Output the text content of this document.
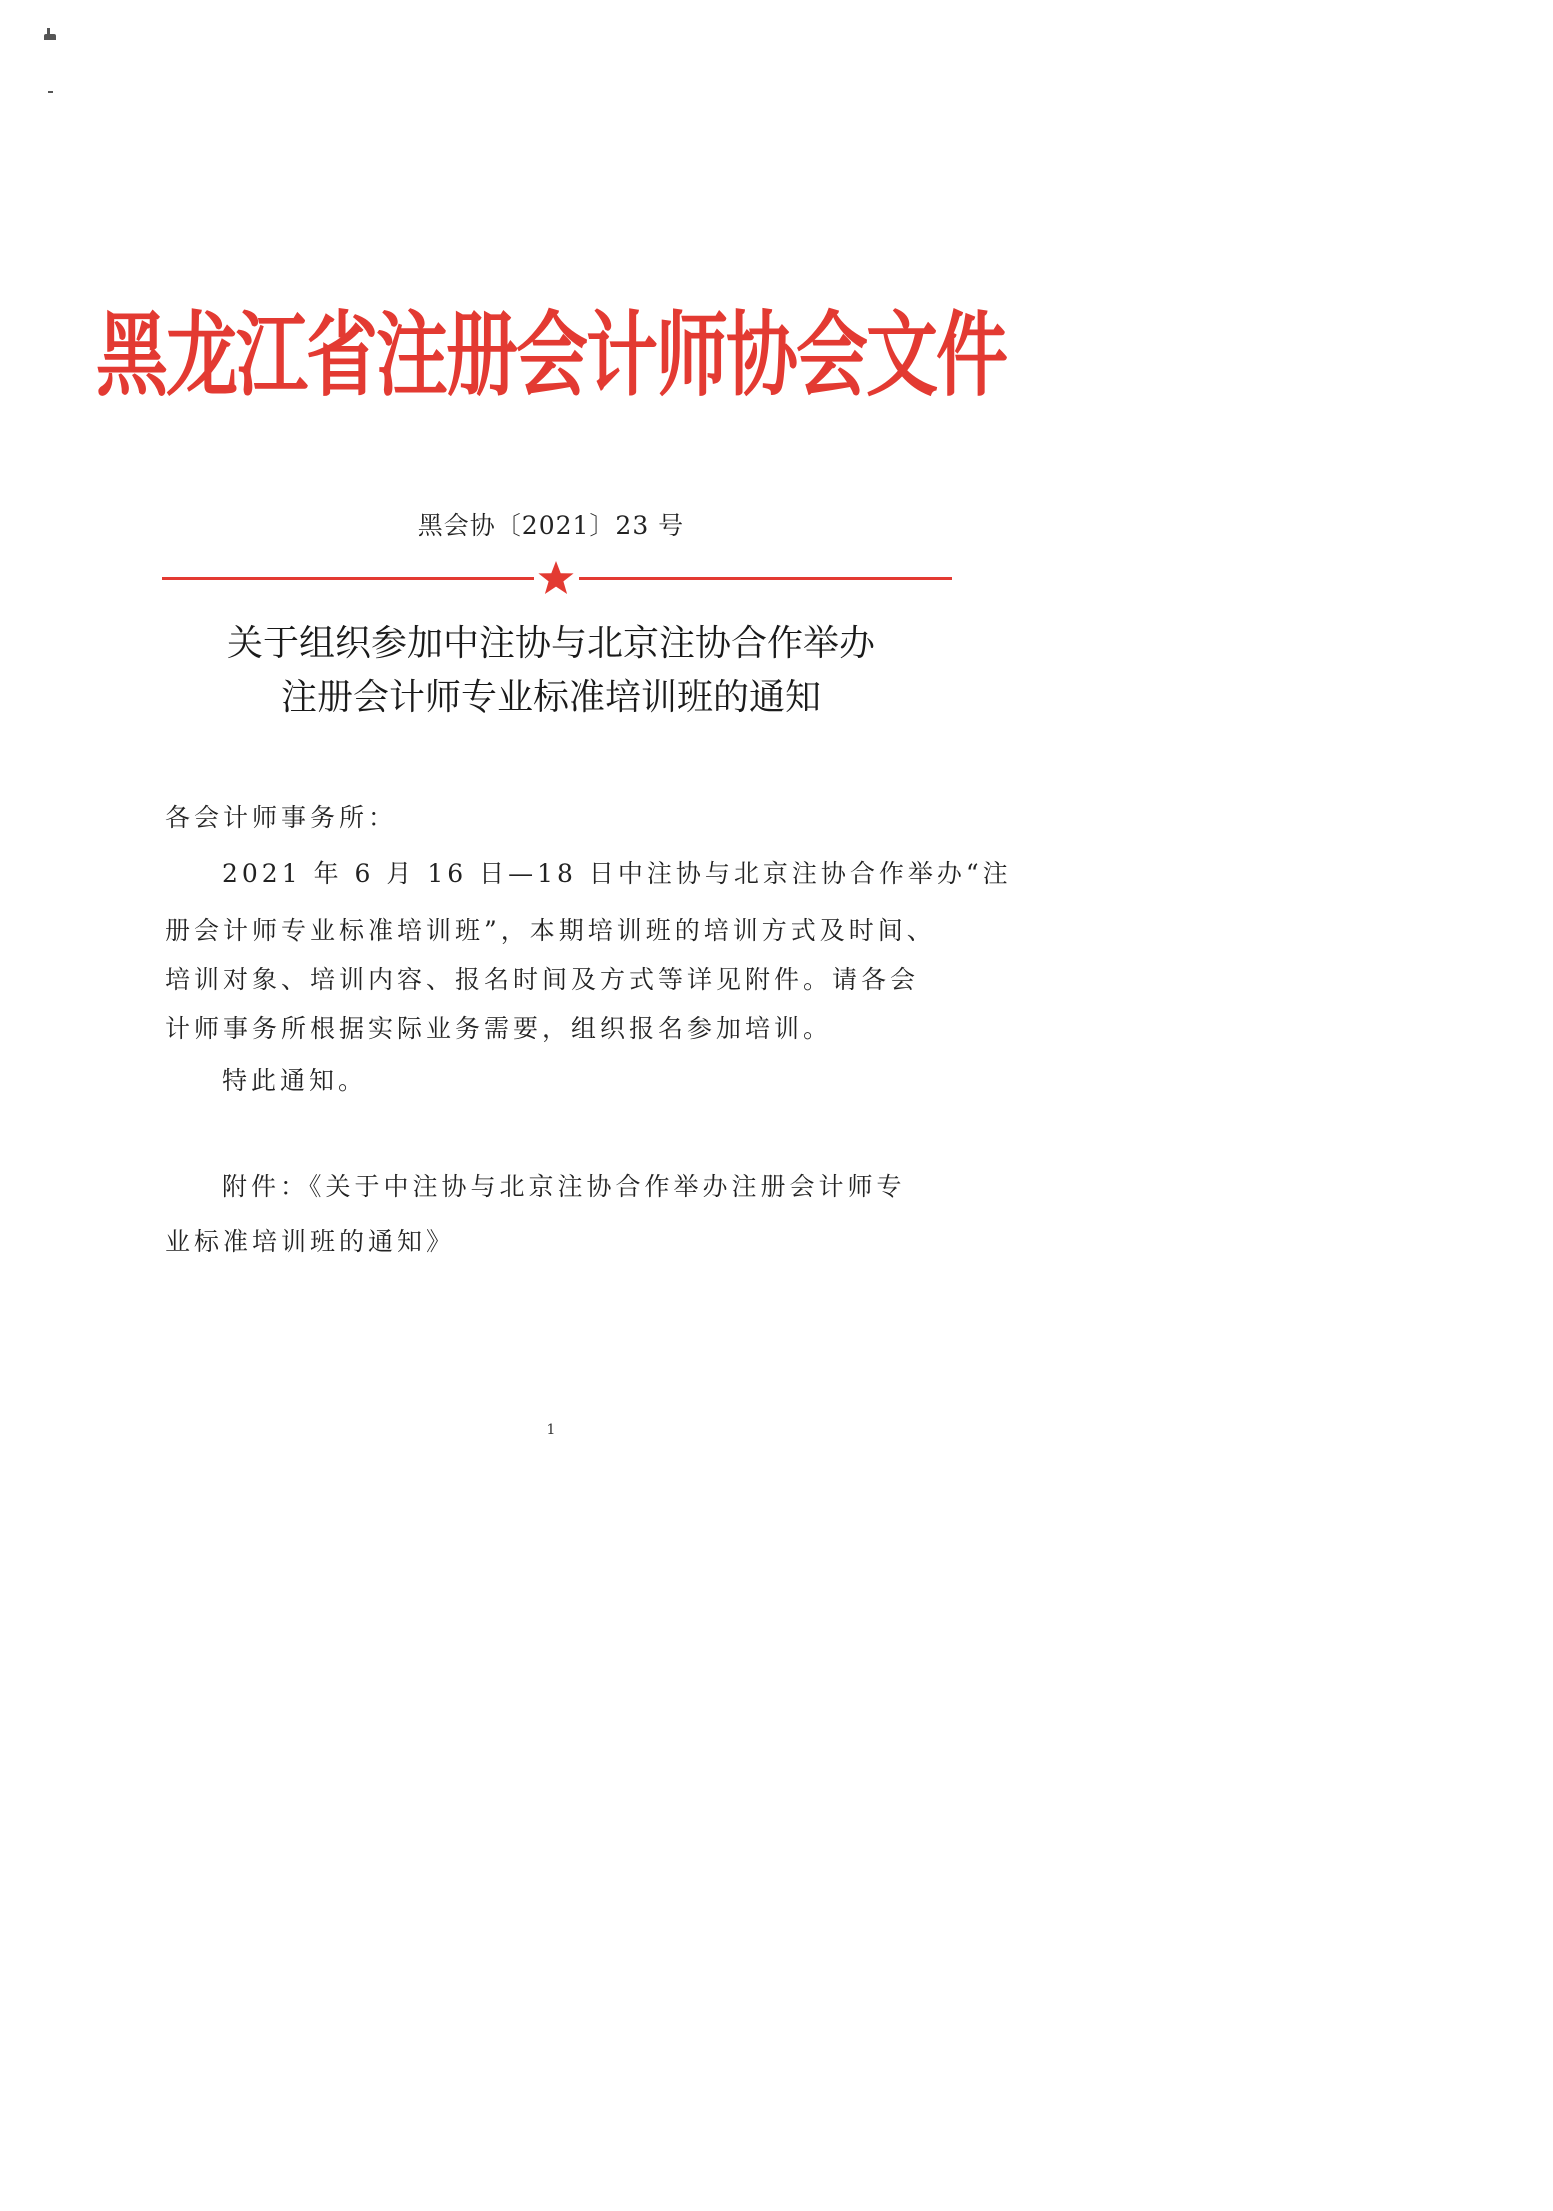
黑龙江省注册会计师协会文件
黑会协〔2021〕23 号
关于组织参加中注协与北京注协合作举办
注册会计师专业标准培训班的通知
各会计师事务所：
2021 年 6 月 16 日—18 日中注协与北京注协合作举办“注
册会计师专业标准培训班”，本期培训班的培训方式及时间、
培训对象、培训内容、报名时间及方式等详见附件。请各会
计师事务所根据实际业务需要，组织报名参加培训。
特此通知。
附件：《关于中注协与北京注协合作举办注册会计师专
业标准培训班的通知》
1
